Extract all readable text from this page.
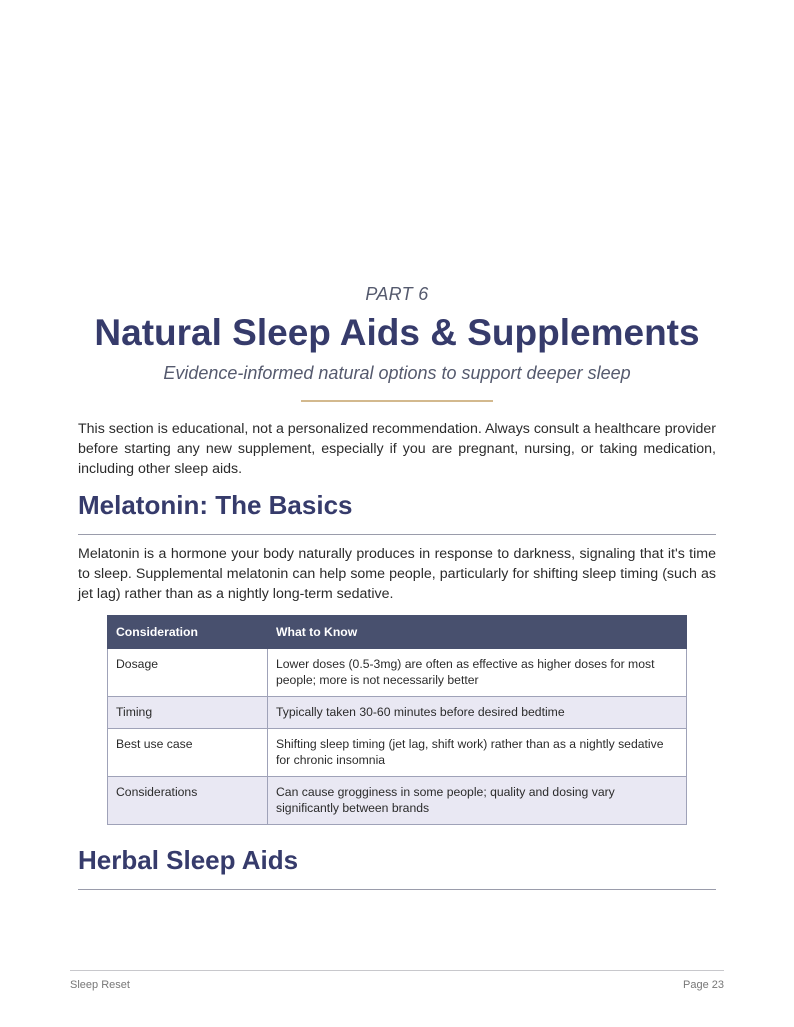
PART 6
Natural Sleep Aids & Supplements
Evidence-informed natural options to support deeper sleep

This section is educational, not a personalized recommendation. Always consult a healthcare provider before starting any new supplement, especially if you are pregnant, nursing, or taking medication, including other sleep aids.

Melatonin: The Basics

Melatonin is a hormone your body naturally produces in response to darkness, signaling that it's time to sleep. Supplemental melatonin can help some people, particularly for shifting sleep timing (such as jet lag) rather than as a nightly long-term sedative.

Consideration	What to Know
Dosage	Lower doses (0.5-3mg) are often as effective as higher doses for most people; more is not necessarily better
Timing	Typically taken 30-60 minutes before desired bedtime
Best use case	Shifting sleep timing (jet lag, shift work) rather than as a nightly sedative for chronic insomnia
Considerations	Can cause grogginess in some people; quality and dosing vary significantly between brands
Herbal Sleep Aids
Sleep Reset	Page 23
